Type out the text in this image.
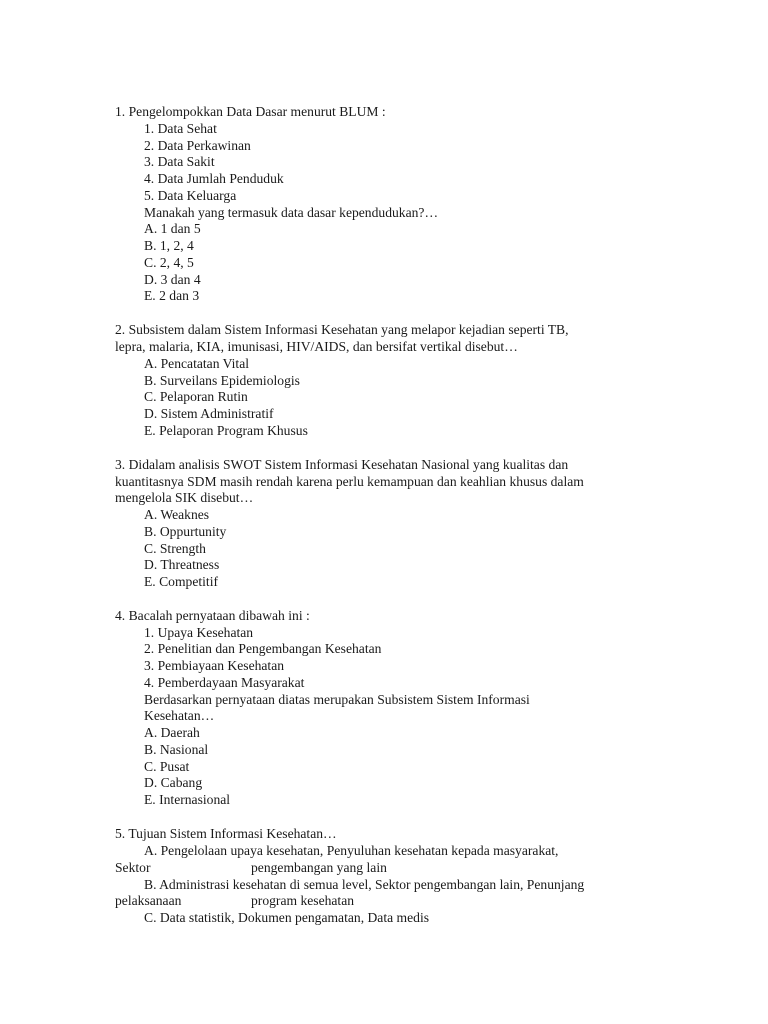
1. Pengelompokkan Data Dasar menurut BLUM :
1. Data Sehat
2. Data Perkawinan
3. Data Sakit
4. Data Jumlah Penduduk
5. Data Keluarga
Manakah yang termasuk data dasar kependudukan?…
A. 1 dan 5
B. 1, 2, 4
C. 2, 4, 5
D. 3 dan 4
E. 2 dan 3
2. Subsistem dalam Sistem Informasi Kesehatan yang melapor kejadian seperti TB,
lepra, malaria, KIA, imunisasi, HIV/AIDS, dan bersifat vertikal disebut…
A. Pencatatan Vital
B. Surveilans Epidemiologis
C. Pelaporan Rutin
D. Sistem Administratif
E. Pelaporan Program Khusus
3. Didalam analisis SWOT Sistem Informasi Kesehatan Nasional yang kualitas dan
kuantitasnya SDM masih rendah karena perlu kemampuan dan keahlian khusus dalam
mengelola SIK disebut…
A. Weaknes
B. Oppurtunity
C. Strength
D. Threatness
E. Competitif
4. Bacalah pernyataan dibawah ini :
1. Upaya Kesehatan
2. Penelitian dan Pengembangan Kesehatan
3. Pembiayaan Kesehatan
4. Pemberdayaan Masyarakat
Berdasarkan pernyataan diatas merupakan Subsistem Sistem Informasi
Kesehatan…
A. Daerah
B. Nasional
C. Pusat
D. Cabang
E. Internasional
5. Tujuan Sistem Informasi Kesehatan…
A. Pengelolaan upaya kesehatan, Penyuluhan kesehatan kepada masyarakat,
Sektor	pengembangan yang lain
B. Administrasi kesehatan di semua level, Sektor pengembangan lain, Penunjang
pelaksanaan	program kesehatan
C. Data statistik, Dokumen pengamatan, Data medis
